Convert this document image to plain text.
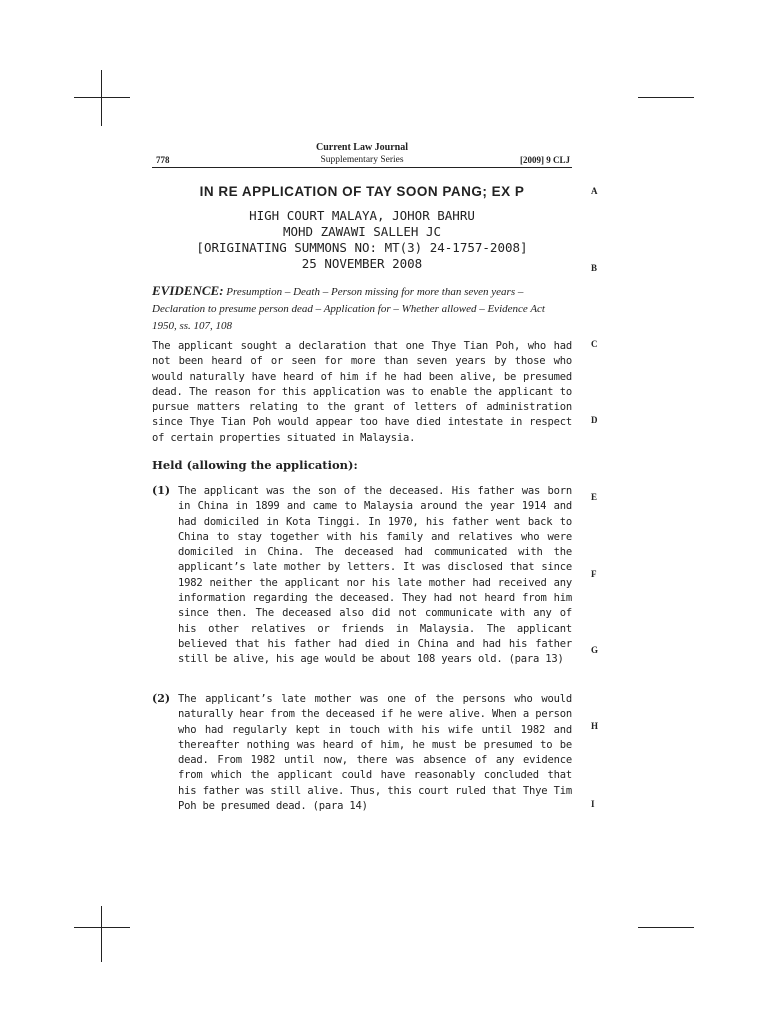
Current Law Journal
778	Supplementary Series	[2009] 9 CLJ
A
B
C
D
E
F
G
H
I
IN RE APPLICATION OF TAY SOON PANG; EX P
HIGH COURT MALAYA, JOHOR BAHRU
MOHD ZAWAWI SALLEH JC
[ORIGINATING SUMMONS NO: MT(3) 24-1757-2008]
25 NOVEMBER 2008
EVIDENCE: Presumption – Death – Person missing for more than seven years – Declaration to presume person dead – Application for – Whether allowed – Evidence Act 1950, ss. 107, 108
The applicant sought a declaration that one Thye Tian Poh, who had not been heard of or seen for more than seven years by those who would naturally have heard of him if he had been alive, be presumed dead. The reason for this application was to enable the applicant to pursue matters relating to the grant of letters of administration since Thye Tian Poh would appear too have died intestate in respect of certain properties situated in Malaysia.
Held (allowing the application):
(1) The applicant was the son of the deceased. His father was born in China in 1899 and came to Malaysia around the year 1914 and had domiciled in Kota Tinggi. In 1970, his father went back to China to stay together with his family and relatives who were domiciled in China. The deceased had communicated with the applicant’s late mother by letters. It was disclosed that since 1982 neither the applicant nor his late mother had received any information regarding the deceased. They had not heard from him since then. The deceased also did not communicate with any of his other relatives or friends in Malaysia. The applicant believed that his father had died in China and had his father still be alive, his age would be about 108 years old. (para 13)
(2) The applicant’s late mother was one of the persons who would naturally hear from the deceased if he were alive. When a person who had regularly kept in touch with his wife until 1982 and thereafter nothing was heard of him, he must be presumed to be dead. From 1982 until now, there was absence of any evidence from which the applicant could have reasonably concluded that his father was still alive. Thus, this court ruled that Thye Tim Poh be presumed dead. (para 14)
